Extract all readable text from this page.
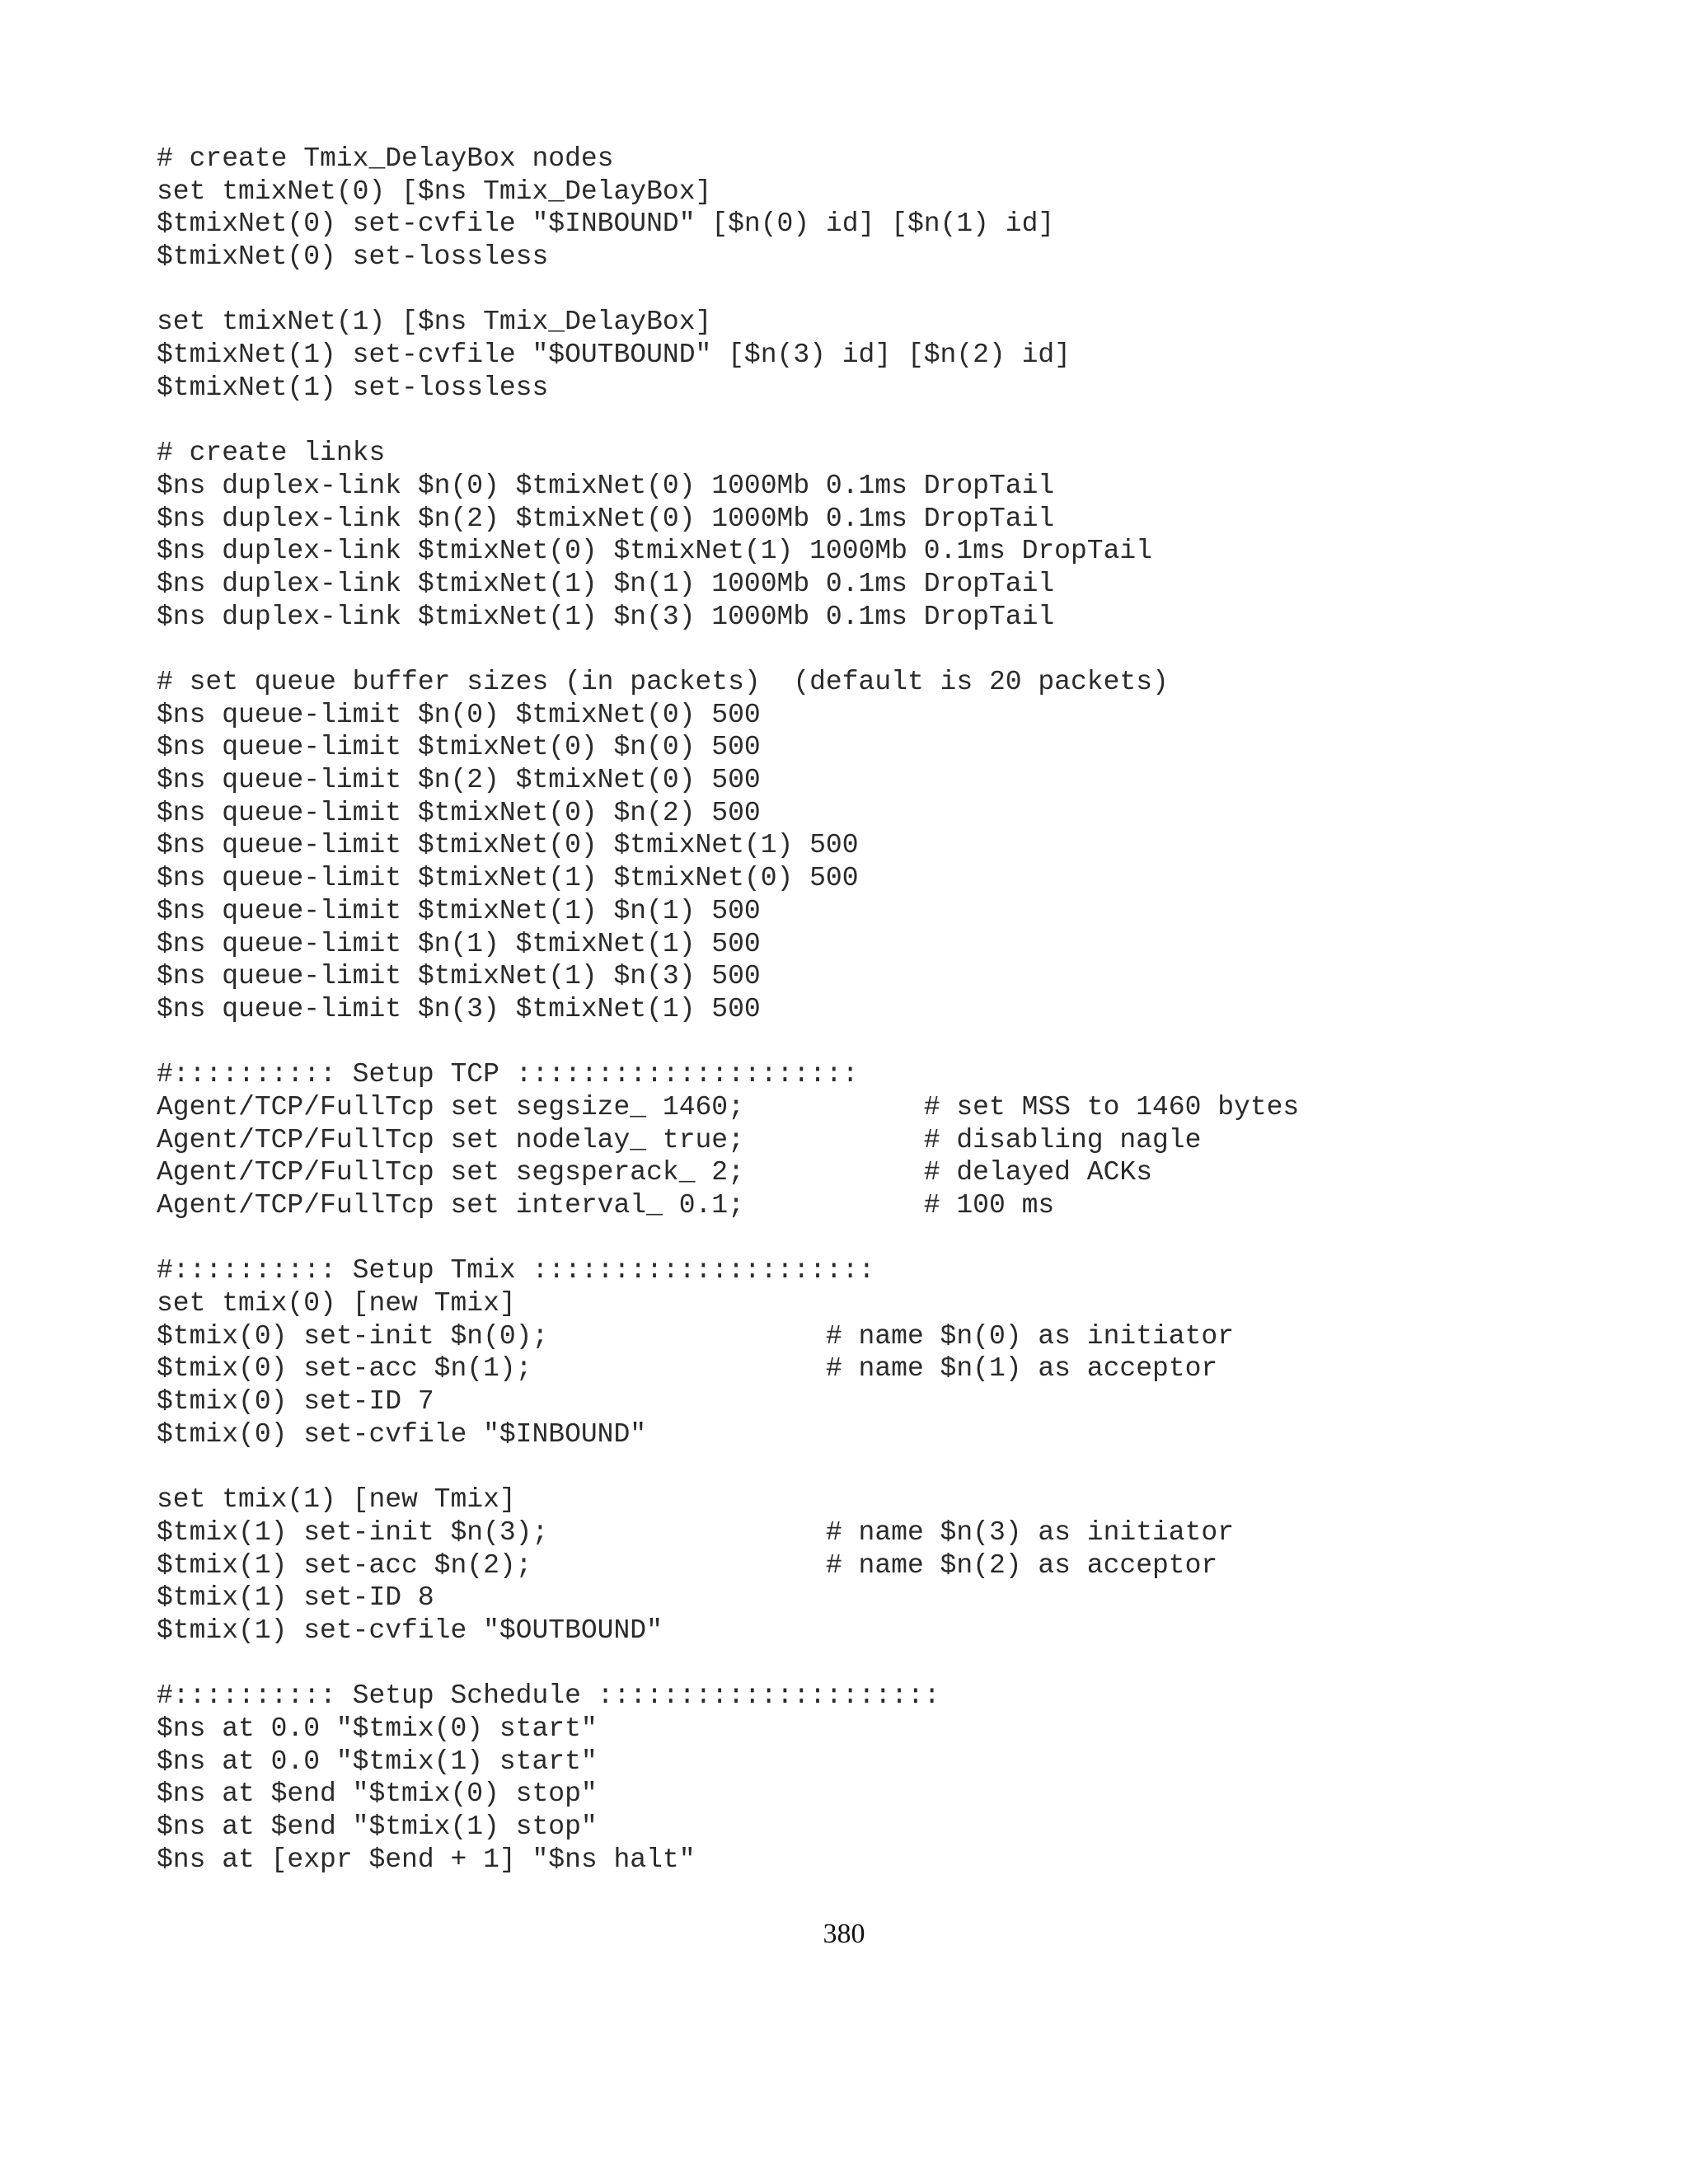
# create Tmix_DelayBox nodes
set tmixNet(0) [$ns Tmix_DelayBox]
$tmixNet(0) set-cvfile "$INBOUND" [$n(0) id] [$n(1) id]
$tmixNet(0) set-lossless
set tmixNet(1) [$ns Tmix_DelayBox]
$tmixNet(1) set-cvfile "$OUTBOUND" [$n(3) id] [$n(2) id]
$tmixNet(1) set-lossless
# create links
$ns duplex-link $n(0) $tmixNet(0) 1000Mb 0.1ms DropTail
$ns duplex-link $n(2) $tmixNet(0) 1000Mb 0.1ms DropTail
$ns duplex-link $tmixNet(0) $tmixNet(1) 1000Mb 0.1ms DropTail
$ns duplex-link $tmixNet(1) $n(1) 1000Mb 0.1ms DropTail
$ns duplex-link $tmixNet(1) $n(3) 1000Mb 0.1ms DropTail
# set queue buffer sizes (in packets)  (default is 20 packets)
$ns queue-limit $n(0) $tmixNet(0) 500
$ns queue-limit $tmixNet(0) $n(0) 500
$ns queue-limit $n(2) $tmixNet(0) 500
$ns queue-limit $tmixNet(0) $n(2) 500
$ns queue-limit $tmixNet(0) $tmixNet(1) 500
$ns queue-limit $tmixNet(1) $tmixNet(0) 500
$ns queue-limit $tmixNet(1) $n(1) 500
$ns queue-limit $n(1) $tmixNet(1) 500
$ns queue-limit $tmixNet(1) $n(3) 500
$ns queue-limit $n(3) $tmixNet(1) 500
#:::::::::: Setup TCP :::::::::::::::::::::
Agent/TCP/FullTcp set segsize_ 1460;           # set MSS to 1460 bytes
Agent/TCP/FullTcp set nodelay_ true;           # disabling nagle
Agent/TCP/FullTcp set segsperack_ 2;           # delayed ACKs
Agent/TCP/FullTcp set interval_ 0.1;           # 100 ms
#:::::::::: Setup Tmix :::::::::::::::::::::
set tmix(0) [new Tmix]
$tmix(0) set-init $n(0);                 # name $n(0) as initiator
$tmix(0) set-acc $n(1);                  # name $n(1) as acceptor
$tmix(0) set-ID 7
$tmix(0) set-cvfile "$INBOUND"
set tmix(1) [new Tmix]
$tmix(1) set-init $n(3);                 # name $n(3) as initiator
$tmix(1) set-acc $n(2);                  # name $n(2) as acceptor
$tmix(1) set-ID 8
$tmix(1) set-cvfile "$OUTBOUND"
#:::::::::: Setup Schedule :::::::::::::::::::::
$ns at 0.0 "$tmix(0) start"
$ns at 0.0 "$tmix(1) start"
$ns at $end "$tmix(0) stop"
$ns at $end "$tmix(1) stop"
$ns at [expr $end + 1] "$ns halt"
380
